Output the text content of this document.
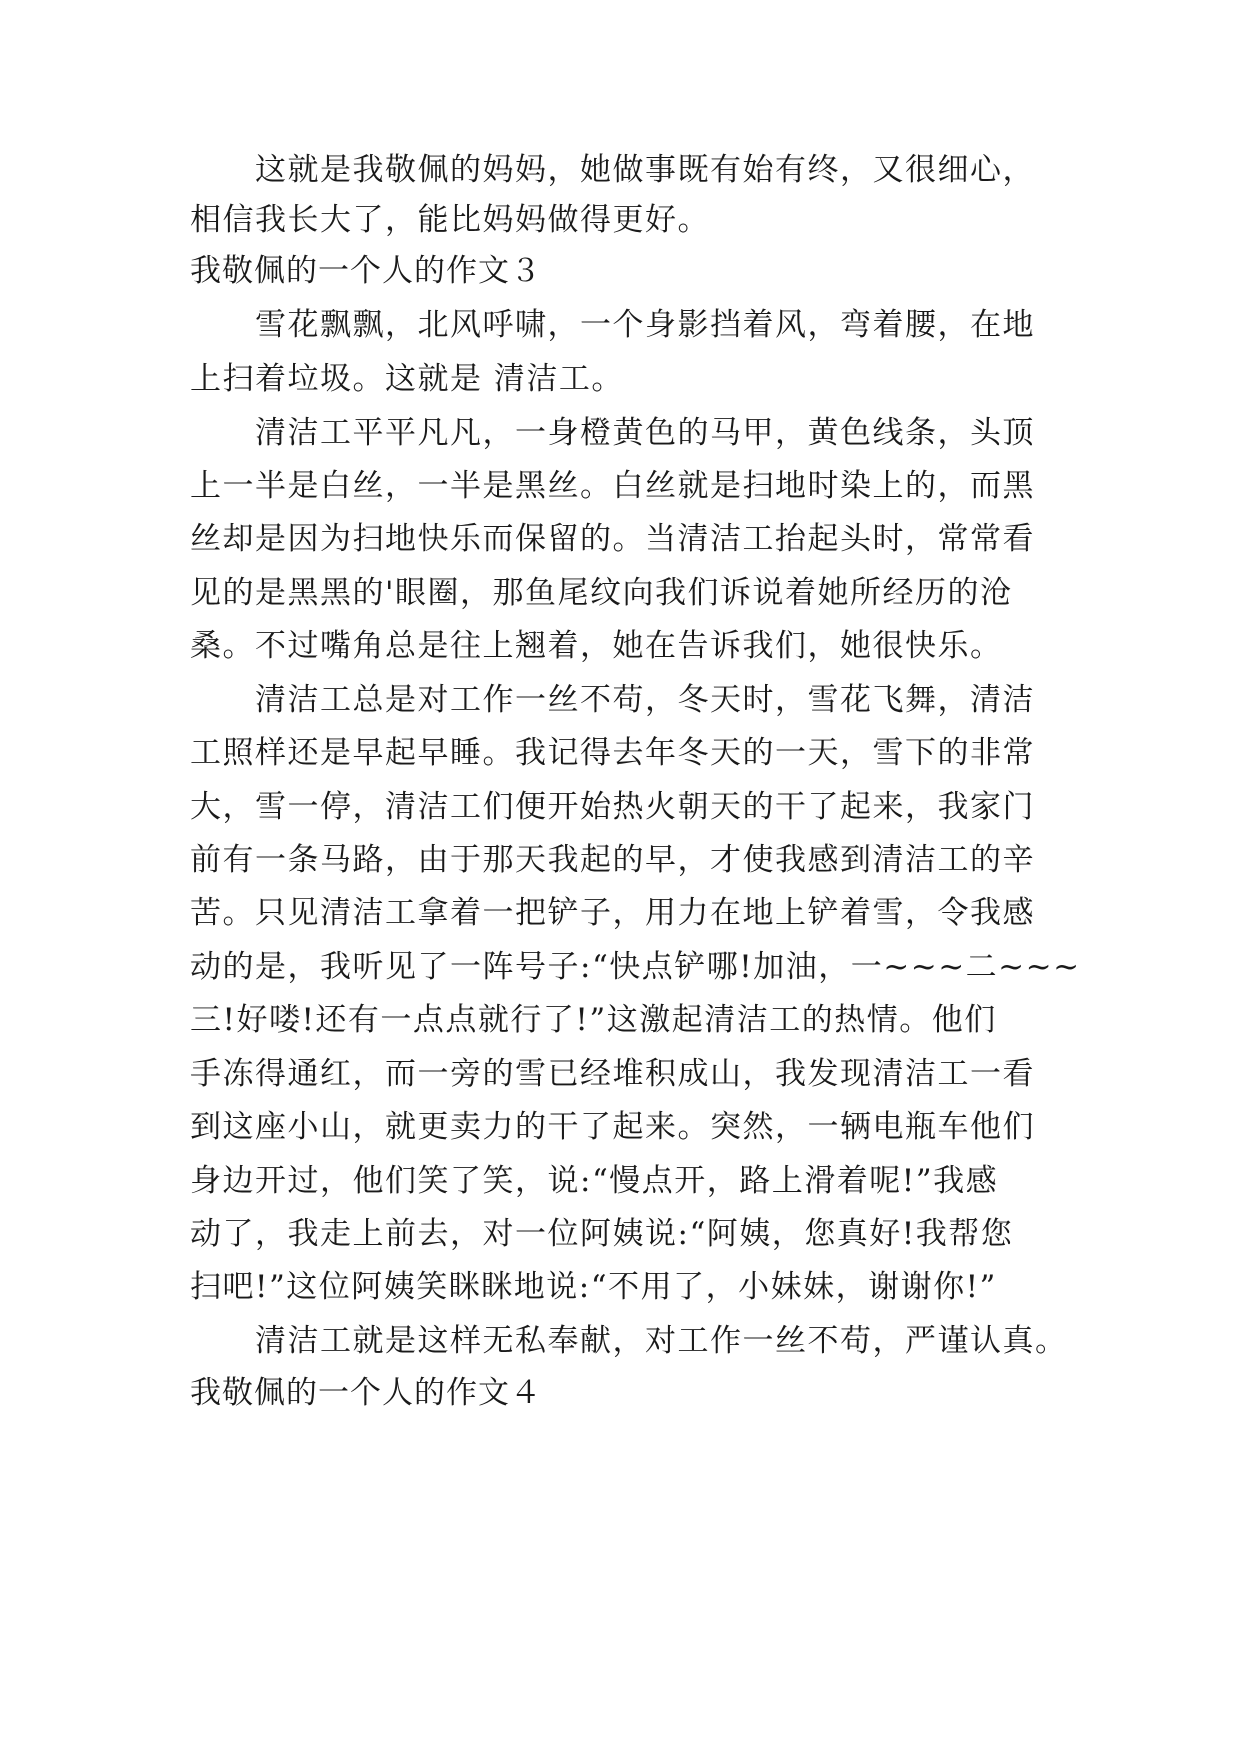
这就是我敬佩的妈妈，她做事既有始有终，又很细心，

相信我长大了，能比妈妈做得更好。

我敬佩的一个人的作文３

雪花飘飘，北风呼啸，一个身影挡着风，弯着腰，在地

上扫着垃圾。这就是 清洁工。

清洁工平平凡凡，一身橙黄色的马甲，黄色线条，头顶

上一半是白丝，一半是黑丝。白丝就是扫地时染上的，而黑

丝却是因为扫地快乐而保留的。当清洁工抬起头时，常常看

见的是黑黑的'眼圈，那鱼尾纹向我们诉说着她所经历的沧

桑。不过嘴角总是往上翘着，她在告诉我们，她很快乐。

清洁工总是对工作一丝不苟，冬天时，雪花飞舞，清洁

工照样还是早起早睡。我记得去年冬天的一天，雪下的非常

大，雪一停，清洁工们便开始热火朝天的干了起来，我家门

前有一条马路，由于那天我起的早，才使我感到清洁工的辛

苦。只见清洁工拿着一把铲子，用力在地上铲着雪，令我感

动的是，我听见了一阵号子:“快点铲哪!加油，一~~~二~~~

三!好喽!还有一点点就行了!”这激起清洁工的热情。他们

手冻得通红，而一旁的雪已经堆积成山，我发现清洁工一看

到这座小山，就更卖力的干了起来。突然，一辆电瓶车他们

身边开过，他们笑了笑，说:“慢点开，路上滑着呢!”我感

动了，我走上前去，对一位阿姨说:“阿姨，您真好!我帮您

扫吧!”这位阿姨笑眯眯地说:“不用了，小妹妹，谢谢你!”

清洁工就是这样无私奉献，对工作一丝不苟，严谨认真。

我敬佩的一个人的作文４
